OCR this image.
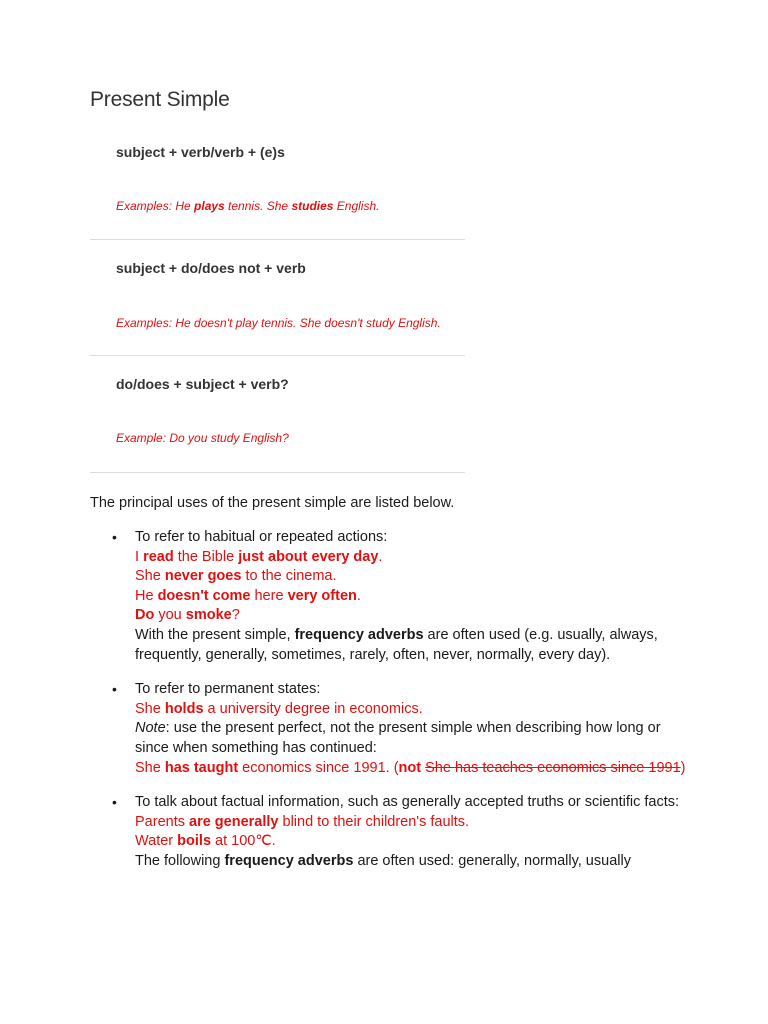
Present Simple

subject + verb/verb + (e)s

Examples: He plays tennis. She studies English.

subject + do/does not + verb

Examples: He doesn't play tennis. She doesn't study English.

do/does + subject + verb?

Example: Do you study English?

The principal uses of the present simple are listed below.

• To refer to habitual or repeated actions:
I read the Bible just about every day.
She never goes to the cinema.
He doesn't come here very often.
Do you smoke?
With the present simple, frequency adverbs are often used (e.g. usually, always, frequently, generally, sometimes, rarely, often, never, normally, every day).
• To refer to permanent states:
She holds a university degree in economics.
Note: use the present perfect, not the present simple when describing how long or since when something has continued:
She has taught economics since 1991. (not She has teaches economics since 1991)
• To talk about factual information, such as generally accepted truths or scientific facts:
Parents are generally blind to their children's faults.
Water boils at 100℃.
The following frequency adverbs are often used: generally, normally, usually
